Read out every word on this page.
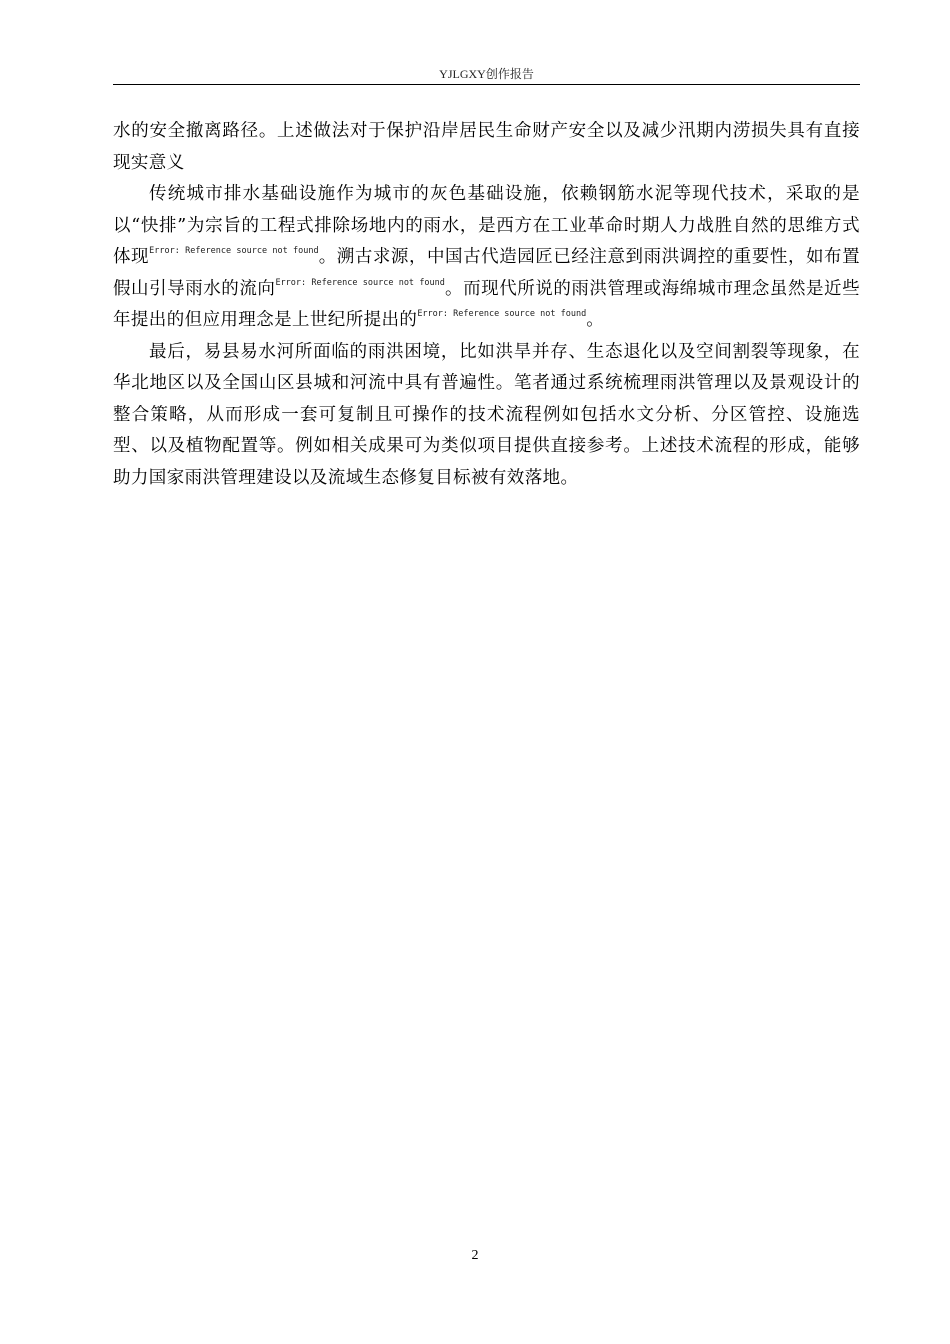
YJLGXY创作报告

水的安全撤离路径。上述做法对于保护沿岸居民生命财产安全以及减少汛期内涝损失具有直接现实意义

传统城市排水基础设施作为城市的灰色基础设施，依赖钢筋水泥等现代技术，采取的是以“快排”为宗旨的工程式排除场地内的雨水，是西方在工业革命时期人力战胜自然的思维方式体现$^{Error: Reference source not found}$。溯古求源，中国古代造园匠已经注意到雨洪调控的重要性，如布置假山引导雨水的流向$^{Error: Reference source not found}$。而现代所说的雨洪管理或海绵城市理念虽然是近些年提出的但应用理念是上世纪所提出的$^{Error: Reference source not found}$。

最后，易县易水河所面临的雨洪困境，比如洪旱并存、生态退化以及空间割裂等现象，在华北地区以及全国山区县城和河流中具有普遍性。笔者通过系统梳理雨洪管理以及景观设计的整合策略，从而形成一套可复制且可操作的技术流程例如包括水文分析、分区管控、设施选型、以及植物配置等。例如相关成果可为类似项目提供直接参考。上述技术流程的形成，能够助力国家雨洪管理建设以及流域生态修复目标被有效落地。

2
